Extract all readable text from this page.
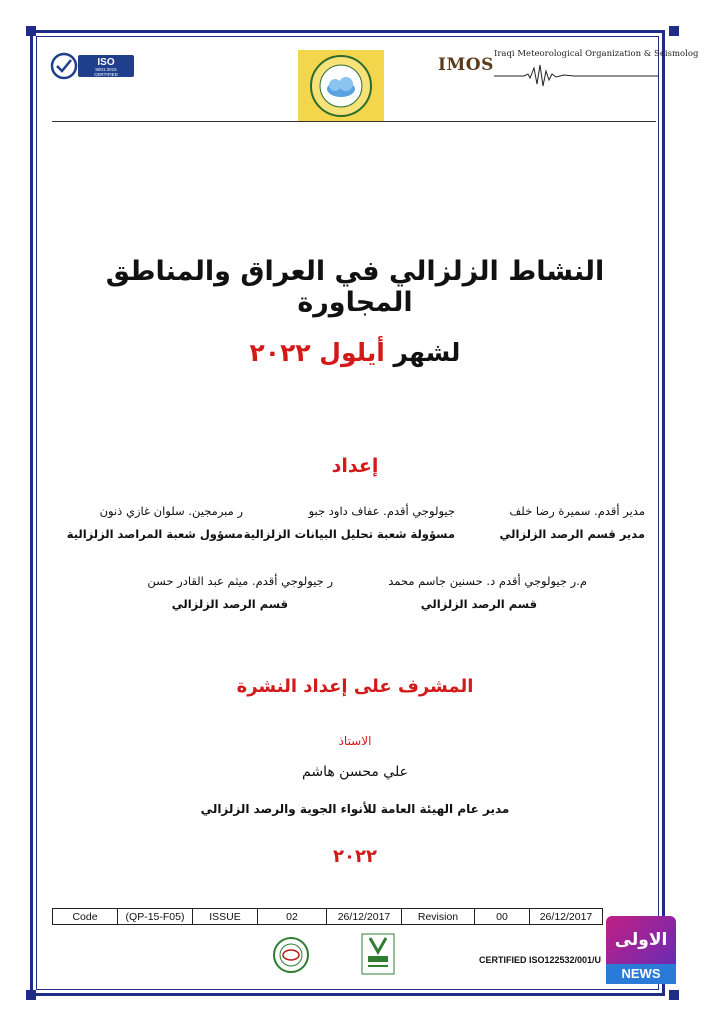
ISO
9001:2015
CERTIFIED	IMOS
Iraqi Meteorological Organization & Seismolog
النشاط الزلزالي في العراق والمناطق المجاورة
لشهر أيلول ٢٠٢٢
إعداد
مدير أقدم. سميرة رضا خلف
مدير قسم الرصد الزلزالي
جيولوجي أقدم. عفاف داود جبو
مسؤولة شعبة تحليل البيانات الزلزالية
ر مبرمجين. سلوان غازي ذنون
مسؤول شعبة المراصد الزلزالية
م.ر جيولوجي أقدم د. حسنين جاسم محمد
قسم الرصد الزلزالي
ر جيولوجي أقدم. ميثم عبد القادر حسن
قسم الرصد الزلزالي
المشرف على إعداد النشرة
الاستاذ
علي محسن هاشم
مدير عام الهيئة العامة للأنواء الجوية والرصد الزلزالي
٢٠٢٢
Code	(QP-15-F05)	ISSUE	02	26/12/2017	Revision	00	26/12/2017
CERTIFIED ISO122532/001/U
الاولى
NEWS
